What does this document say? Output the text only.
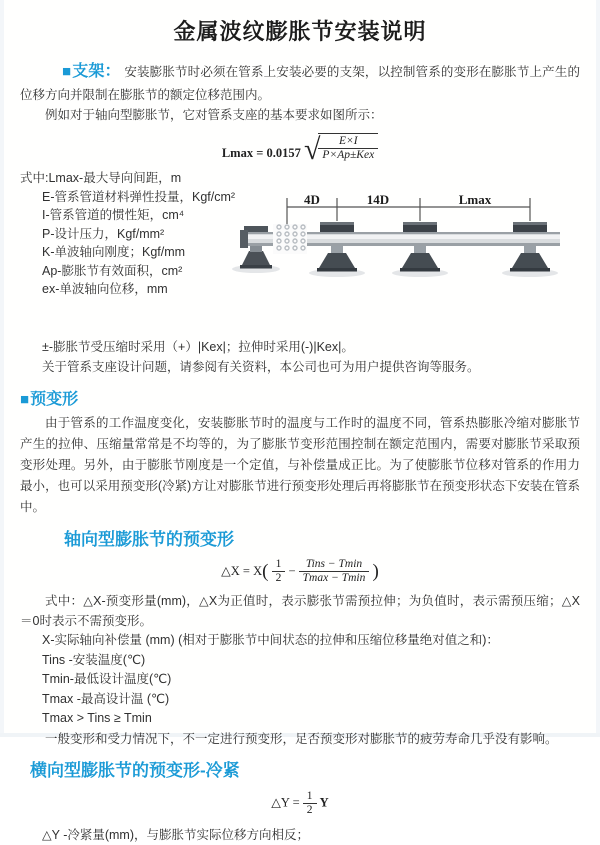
金属波纹膨胀节安装说明

■支架： 安装膨胀节时必须在管系上安装必要的支架，以控制管系的变形在膨胀节上产生的位移方向并限制在膨胀节的额定位移范围内。

例如对于轴向型膨胀节，它对管系支座的基本要求如图所示：

Lmax = 0.0157 √
$\frac{E\times I}{\text{P×Ap±Kex}}$
式中:Lmax-最大导向间距，m
E-管系管道材料弹性投量，Kgf/cm²
I-管系管道的惯性矩，cm⁴
P-设计压力，Kgf/mm²
K-单波轴向刚度；Kgf/mm
Ap-膨胀节有效面积，cm²
ex-单波轴向位移，mm
4D	14D	Lmax
±-膨胀节受压缩时采用（+）|Kex|；拉伸时采用(-)|Kex|。
关于管系支座设计问题，请参阅有关资料，本公司也可为用户提供咨询等服务。
■预变形

由于管系的工作温度变化，安装膨胀节时的温度与工作时的温度不同，管系热膨胀冷缩对膨胀节产生的拉伸、压缩量常常是不均等的，为了膨胀节变形范围控制在额定范围内，需要对膨胀节采取预变形处理。另外，由于膨胀节刚度是一个定值，与补偿量成正比。为了使膨胀节位移对管系的作用力最小，也可以采用预变形(冷紧)方让对膨胀节进行预变形处理后再将膨胀节在预变形状态下安装在管系中。

轴向型膨胀节的预变形
△X = $X( \frac{1}{2} - \frac{\text{Tins − Tmin}}{Tmax - Tmin}$ )

式中：△X-预变形量(mm)，△X为正值时，表示膨张节需预拉伸；为负值时，表示需预压缩；△X＝0时表示不需预变形。

X-实际轴向补偿量 (mm) (相对于膨胀节中间状态的拉伸和压缩位移量绝对值之和)：
Tins -安装温度(℃)
Tmin-最低设计温度(℃)
Tmax -最高设计温 (℃)
Tmax > Tins ≥ Tmin
一般变形和受力情况下，不一定进行预变形，足否预变形对膨胀节的疲劳寿命几乎没有影响。
横向型膨胀节的预变形-冷紧
△Y = $\frac{1}{2}$ Y
△Y -冷紧量(mm)，与膨胀节实际位移方向相反；
